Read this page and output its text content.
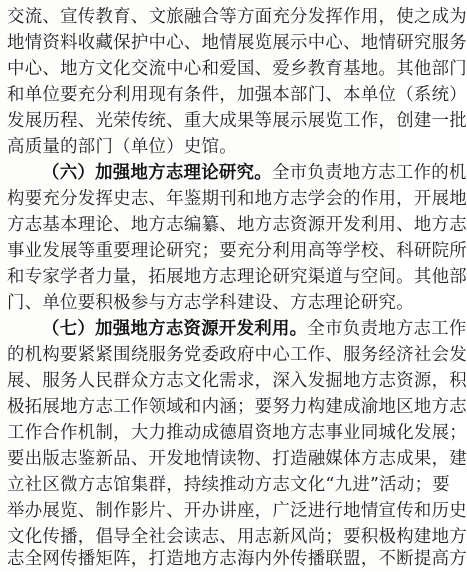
交流、宣传教育、文旅融合等方面充分发挥作用，使之成为
地情资料收藏保护中心、地情展览展示中心、地情研究服务
中心、地方文化交流中心和爱国、爱乡教育基地。其他部门
和单位要充分利用现有条件，加强本部门、本单位（系统）
发展历程、光荣传统、重大成果等展示展览工作，创建一批
高质量的部门（单位）史馆。
（六）加强地方志理论研究。全市负责地方志工作的机
构要充分发挥史志、年鉴期刊和地方志学会的作用，开展地
方志基本理论、地方志编纂、地方志资源开发利用、地方志
事业发展等重要理论研究；要充分利用高等学校、科研院所
和专家学者力量，拓展地方志理论研究渠道与空间。其他部
门、单位要积极参与方志学科建设、方志理论研究。
（七）加强地方志资源开发利用。全市负责地方志工作
的机构要紧紧围绕服务党委政府中心工作、服务经济社会发
展、服务人民群众方志文化需求，深入发掘地方志资源，积
极拓展地方志工作领域和内涵；要努力构建成渝地区地方志
工作合作机制，大力推动成德眉资地方志事业同城化发展；
要出版志鉴新品、开发地情读物、打造融媒体方志成果，建
立社区微方志馆集群，持续推动方志文化“九进”活动；要
举办展览、制作影片、开办讲座，广泛进行地情宣传和历史
文化传播，倡导全社会读志、用志新风尚；要积极构建地方
志全网传播矩阵，打造地方志海内外传播联盟，不断提高方
